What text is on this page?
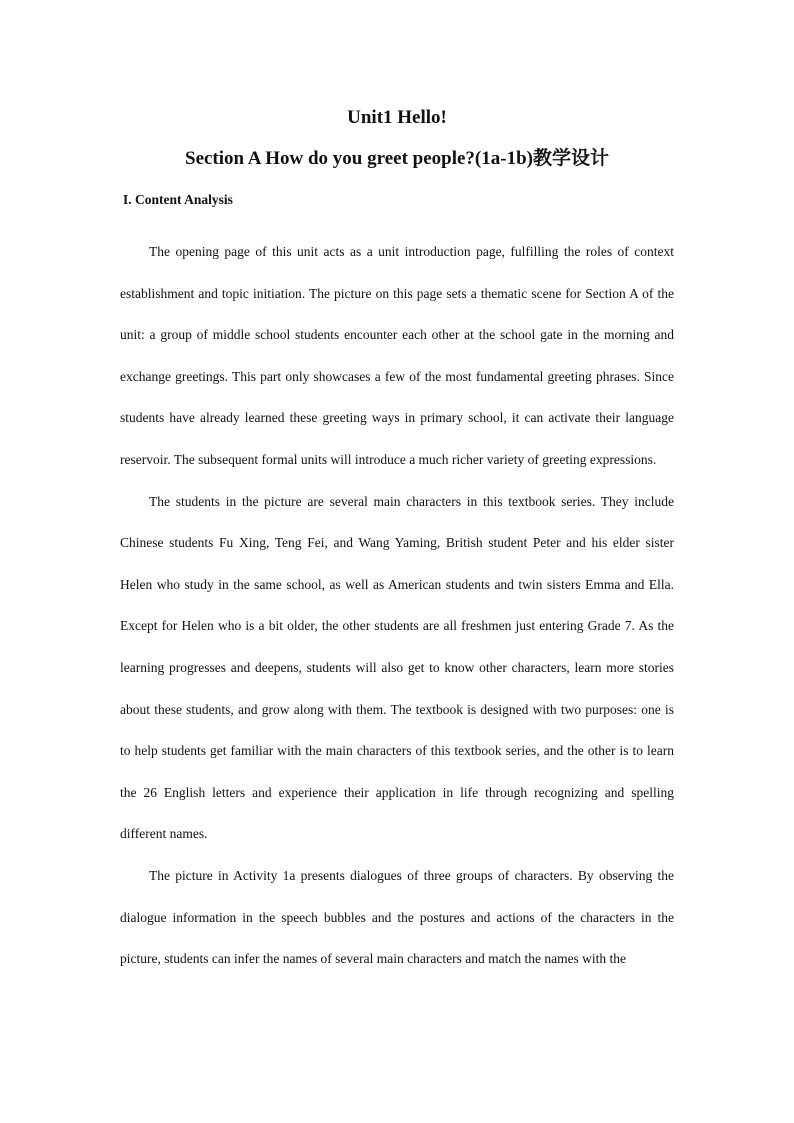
Unit1 Hello!
Section A How do you greet people?(1a-1b)教学设计
I. Content Analysis

The opening page of this unit acts as a unit introduction page, fulfilling the roles of context establishment and topic initiation. The picture on this page sets a thematic scene for Section A of the unit: a group of middle school students encounter each other at the school gate in the morning and exchange greetings. This part only showcases a few of the most fundamental greeting phrases. Since students have already learned these greeting ways in primary school, it can activate their language reservoir. The subsequent formal units will introduce a much richer variety of greeting expressions.

The students in the picture are several main characters in this textbook series. They include Chinese students Fu Xing, Teng Fei, and Wang Yaming, British student Peter and his elder sister Helen who study in the same school, as well as American students and twin sisters Emma and Ella. Except for Helen who is a bit older, the other students are all freshmen just entering Grade 7. As the learning progresses and deepens, students will also get to know other characters, learn more stories about these students, and grow along with them. The textbook is designed with two purposes: one is to help students get familiar with the main characters of this textbook series, and the other is to learn the 26 English letters and experience their application in life through recognizing and spelling different names.

The picture in Activity 1a presents dialogues of three groups of characters. By observing the dialogue information in the speech bubbles and the postures and actions of the characters in the picture, students can infer the names of several main characters and match the names with the
